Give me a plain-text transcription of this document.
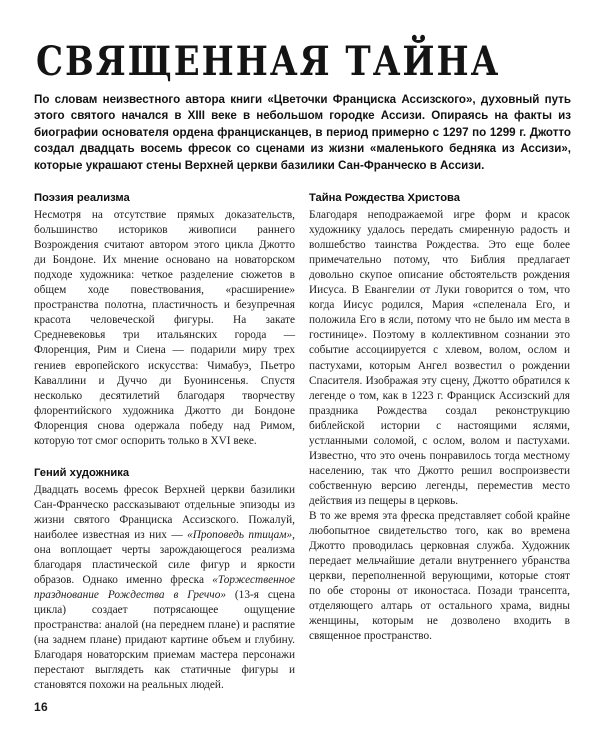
СВЯЩЕННАЯ ТАЙНА

По словам неизвестного автора книги «Цветочки Франциска Ассизского», духовный путь этого святого начался в XIII веке в небольшом городке Ассизи. Опираясь на факты из биографии основателя ордена францисканцев, в период примерно с 1297 по 1299 г. Джотто создал двадцать восемь фресок со сценами из жизни «маленького бедняка из Ассизи», которые украшают стены Верхней церкви базилики Сан-Франческо в Ассизи.

Поэзия реализма

Несмотря на отсутствие прямых доказательств, большинство историков живописи раннего Возрождения считают автором этого цикла Джотто ди Бондоне. Их мнение основано на новаторском подходе художника: четкое разделение сюжетов в общем ходе повествования, «расширение» пространства полотна, пластичность и безупречная красота человеческой фигуры. На закате Средневековья три итальянских города — Флоренция, Рим и Сиена — подарили миру трех гениев европейского искусства: Чимабуэ, Пьетро Каваллини и Дуччо ди Буонинсенья. Спустя несколько десятилетий благодаря творчеству флорентийского художника Джотто ди Бондоне Флоренция снова одержала победу над Римом, которую тот смог оспорить только в XVI веке.

Гений художника

Двадцать восемь фресок Верхней церкви базилики Сан-Франческо рассказывают отдельные эпизоды из жизни святого Франциска Ассизского. Пожалуй, наиболее известная из них — «Проповедь птицам», она воплощает черты зарождающегося реализма благодаря пластической силе фигур и яркости образов. Однако именно фреска «Торжественное празднование Рождества в Греччо» (13-я сцена цикла) создает потрясающее ощущение пространства: аналой (на переднем плане) и распятие (на заднем плане) придают картине объем и глубину. Благодаря новаторским приемам мастера персонажи перестают выглядеть как статичные фигуры и становятся похожи на реальных людей.

Тайна Рождества Христова

Благодаря неподражаемой игре форм и красок художнику удалось передать смиренную радость и волшебство таинства Рождества. Это еще более примечательно потому, что Библия предлагает довольно скупое описание обстоятельств рождения Иисуса. В Евангелии от Луки говорится о том, что когда Иисус родился, Мария «спеленала Его, и положила Его в ясли, потому что не было им места в гостинице». Поэтому в коллективном сознании это событие ассоциируется с хлевом, волом, ослом и пастухами, которым Ангел возвестил о рождении Спасителя. Изображая эту сцену, Джотто обратился к легенде о том, как в 1223 г. Франциск Ассизский для праздника Рождества создал реконструкцию библейской истории с настоящими яслями, устланными соломой, с ослом, волом и пастухами. Известно, что это очень понравилось тогда местному населению, так что Джотто решил воспроизвести собственную версию легенды, переместив место действия из пещеры в церковь.

В то же время эта фреска представляет собой крайне любопытное свидетельство того, как во времена Джотто проводилась церковная служба. Художник передает мельчайшие детали внутреннего убранства церкви, переполненной верующими, которые стоят по обе стороны от иконостаса. Позади трансепта, отделяющего алтарь от остального храма, видны женщины, которым не дозволено входить в священное пространство.

16
